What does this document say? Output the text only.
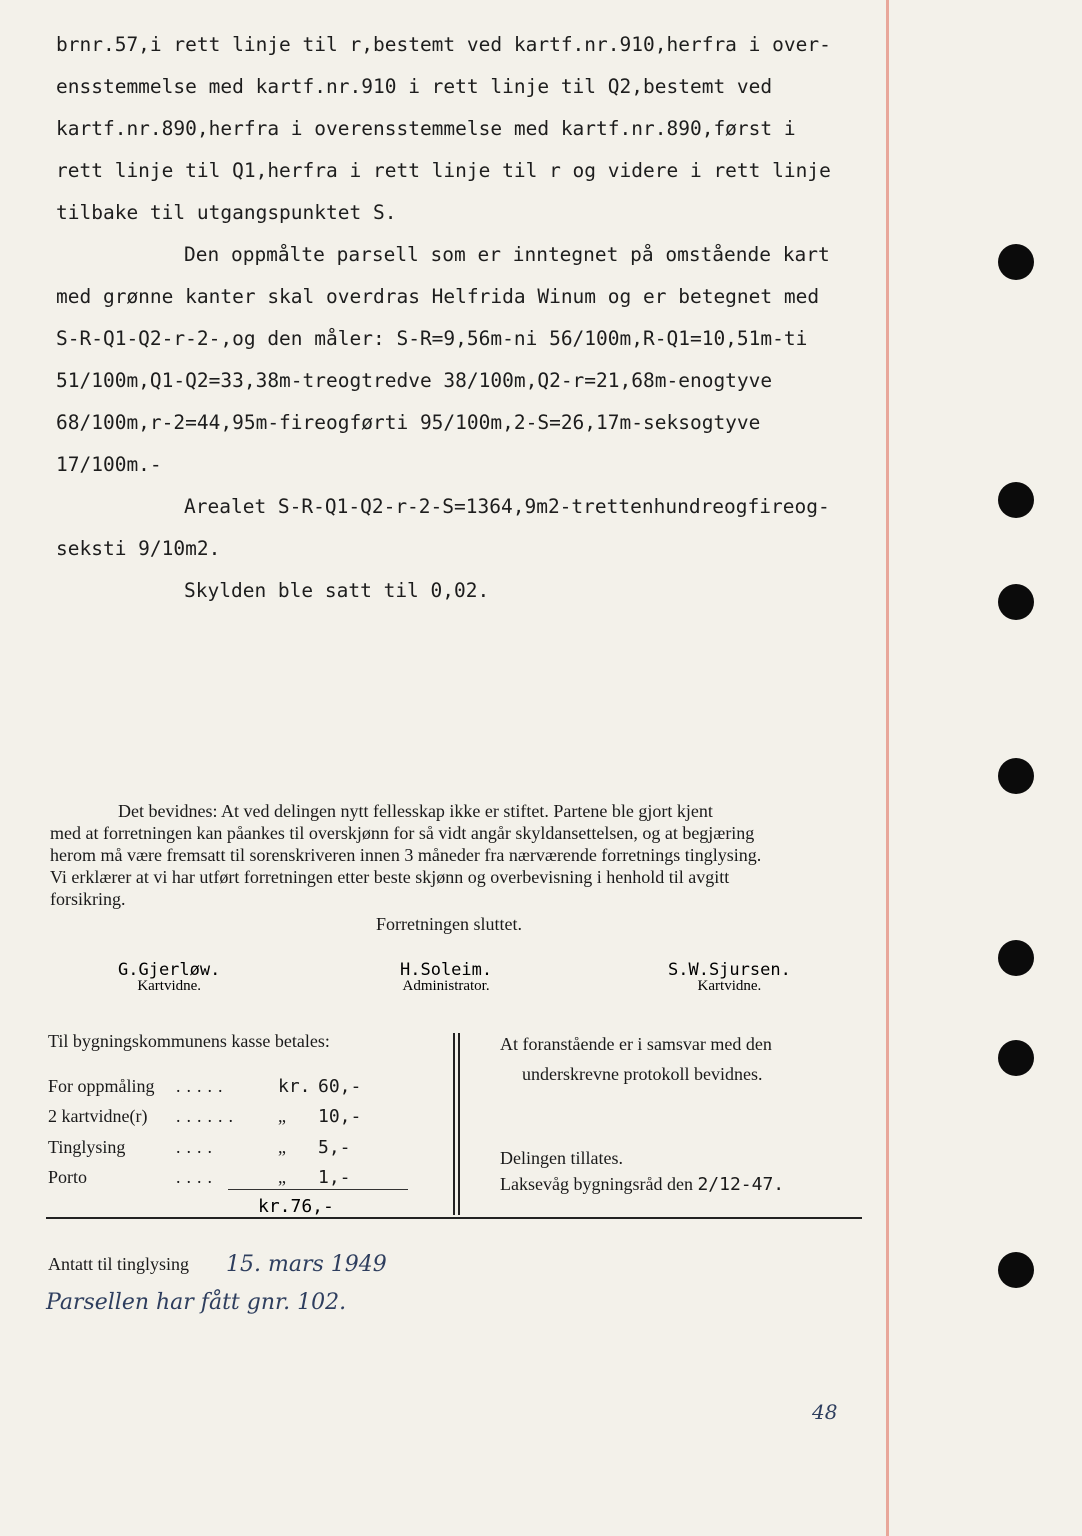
brnr.57,i rett linje til r,bestemt ved kartf.nr.910,herfra i over-
ensstemmelse med kartf.nr.910 i rett linje til Q2,bestemt ved
kartf.nr.890,herfra i overensstemmelse med kartf.nr.890,først i
rett linje til Q1,herfra i rett linje til r og videre i rett linje
tilbake til utgangspunktet S.
Den oppmålte parsell som er inntegnet på omstående kart
med grønne kanter skal overdras Helfrida Winum og er betegnet med
S-R-Q1-Q2-r-2-,og den måler: S-R=9,56m-ni 56/100m,R-Q1=10,51m-ti
51/100m,Q1-Q2=33,38m-treogtredve 38/100m,Q2-r=21,68m-enogtyve
68/100m,r-2=44,95m-fireogførti 95/100m,2-S=26,17m-seksogtyve
17/100m.-
Arealet S-R-Q1-Q2-r-2-S=1364,9m2-trettenhundreogfireog-
seksti 9/10m2.
Skylden ble satt til 0,02.
Det bevidnes: At ved delingen nytt fellesskap ikke er stiftet. Partene ble gjort kjent
med at forretningen kan påankes til overskjønn for så vidt angår skyldansettelsen, og at begjæring
herom må være fremsatt til sorenskriveren innen 3 måneder fra nærværende forretnings tinglysing.
Vi erklærer at vi har utført forretningen etter beste skjønn og overbevisning i henhold til avgitt
forsikring.
Forretningen sluttet.
G.Gjerløw.
Kartvidne.
H.Soleim.
Administrator.
S.W.Sjursen.
Kartvidne.
Til bygningskommunens kasse betales:
For oppmåling .....	kr. 60,-
2 kartvidne(r) ...... „ 10,-
Tinglysing	....	„ 5,-
Porto	....	„ 1,-
kr.76,-
At foranstående er i samsvar med den
underskrevne protokoll bevidnes.
Delingen tillates.
Laksevåg bygningsråd den 2/12-47.
Antatt til tinglysing 15. mars 1949
Parsellen har fått gnr. 102.
48
